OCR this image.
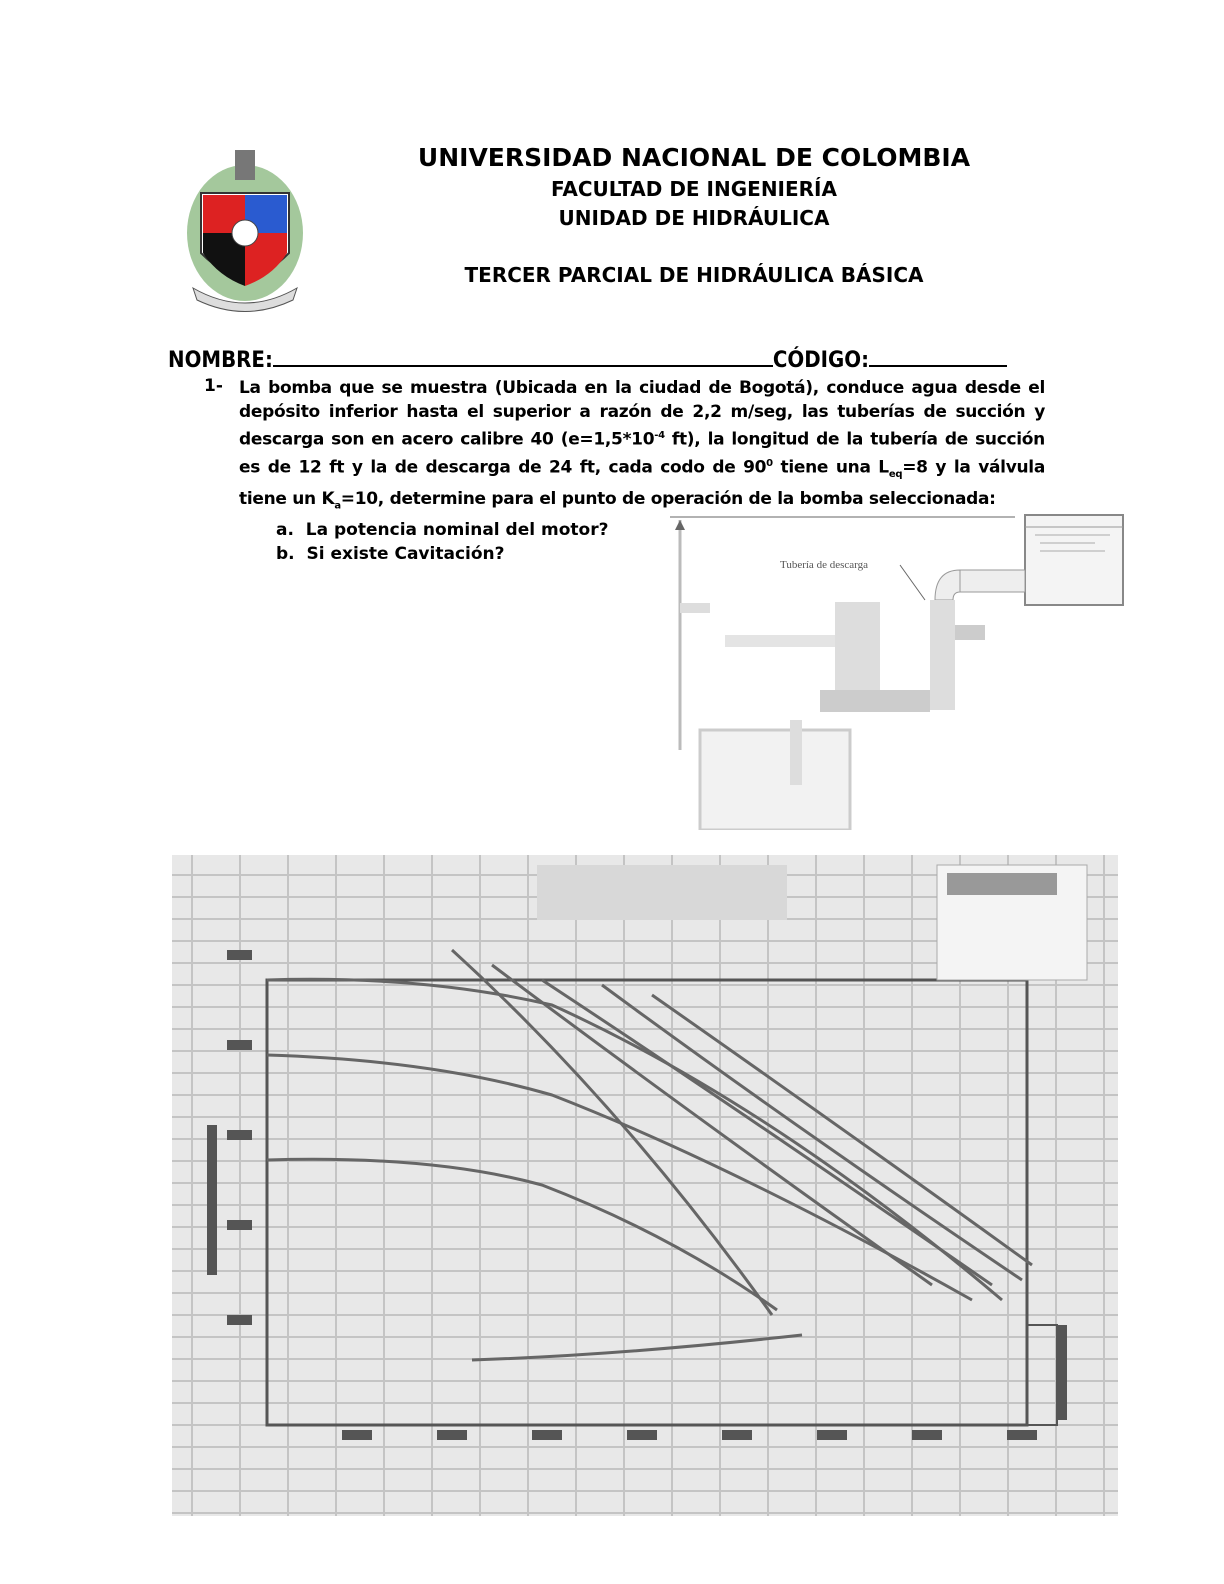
UNIVERSIDAD NACIONAL DE COLOMBIA
FACULTAD DE INGENIERÍA
UNIDAD DE HIDRÁULICA
TERCER PARCIAL DE HIDRÁULICA BÁSICA
NOMBRE:	CÓDIGO:
1- La bomba que se muestra (Ubicada en la ciudad de Bogotá), conduce agua desde el depósito inferior hasta el superior a razón de 2,2 m/seg, las tuberías de succión y descarga son en acero calibre 40 ($e=1,5*10^{-4}$ ft), la longitud de la tubería de succión es de 12 ft y la de descarga de 24 ft, cada codo de $90^0$ tiene una $L_{eq}=8$ y la válvula tiene un $K_a=10$, determine para el punto de operación de la bomba seleccionada:
a. La potencia nominal del motor?
b. Si existe Cavitación?
Tubería de descarga
